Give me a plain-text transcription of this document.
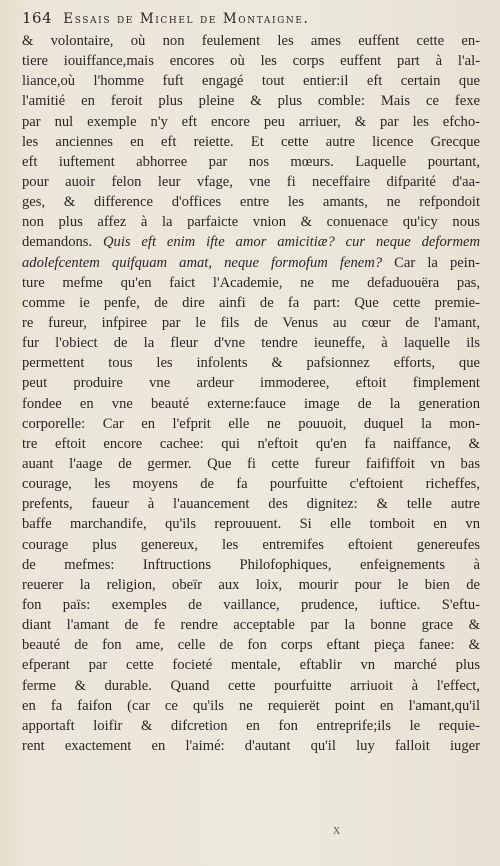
164 Essais de Michel de Montaigne.
& volontaire, où non feulement les ames euffent cette en-
tiere iouiffance,mais encores où les corps euffent part à l'al-
liance,où l'homme fuft engagé tout entier:il eft certain que
l'amitié en feroit plus pleine & plus comble: Mais ce fexe
par nul exemple n'y eft encore peu arriuer, & par les efcho-
les anciennes en eft reiette. Et cette autre licence Grecque
eft iuftement abhorree par nos mœurs. Laquelle pourtant,
pour auoir felon leur vfage, vne fi neceffaire difparité d'aa-
ges, & difference d'offices entre les amants, ne refpondoit
non plus affez à la parfaicte vnion & conuenace qu'icy nous
demandons. Quis eft enim ifte amor amicitiæ? cur neque deformem
adolefcentem quifquam amat, neque formofum fenem? Car la pein-
ture mefme qu'en faict l'Academie, ne me defaduouëra pas,
comme ie penfe, de dire ainfi de fa part: Que cette premie-
re fureur, infpiree par le fils de Venus au cœur de l'amant,
fur l'obiect de la fleur d'vne tendre ieuneffe, à laquelle ils
permettent tous les infolents & pafsionnez efforts, que
peut produire vne ardeur immoderee, eftoit fimplement
fondee en vne beauté externe:fauce image de la generation
corporelle: Car en l'efprit elle ne pouuoit, duquel la mon-
tre eftoit encore cachee: qui n'eftoit qu'en fa naiffance, &
auant l'aage de germer. Que fi cette fureur faififfoit vn bas
courage, les moyens de fa pourfuitte c'eftoient richeffes,
prefents, faueur à l'auancement des dignitez: & telle autre
baffe marchandife, qu'ils reprouuent. Si elle tomboit en vn
courage plus genereux, les entremifes eftoient genereufes
de mefmes: Inftructions Philofophiques, enfeignements à
reuerer la religion, obeïr aux loix, mourir pour le bien de
fon païs: exemples de vaillance, prudence, iuftice. S'eftu-
diant l'amant de fe rendre acceptable par la bonne grace &
beauté de fon ame, celle de fon corps eftant pieça fanee: &
efperant par cette focieté mentale, eftablir vn marché plus
ferme & durable. Quand cette pourfuitte arriuoit à l'effect,
en fa faifon (car ce qu'ils ne requierët point en l'amant,qu'il
apportaft loifir & difcretion en fon entreprife;ils le requie-
rent exactement en l'aimé: d'autant qu'il luy falloit iuger
X
